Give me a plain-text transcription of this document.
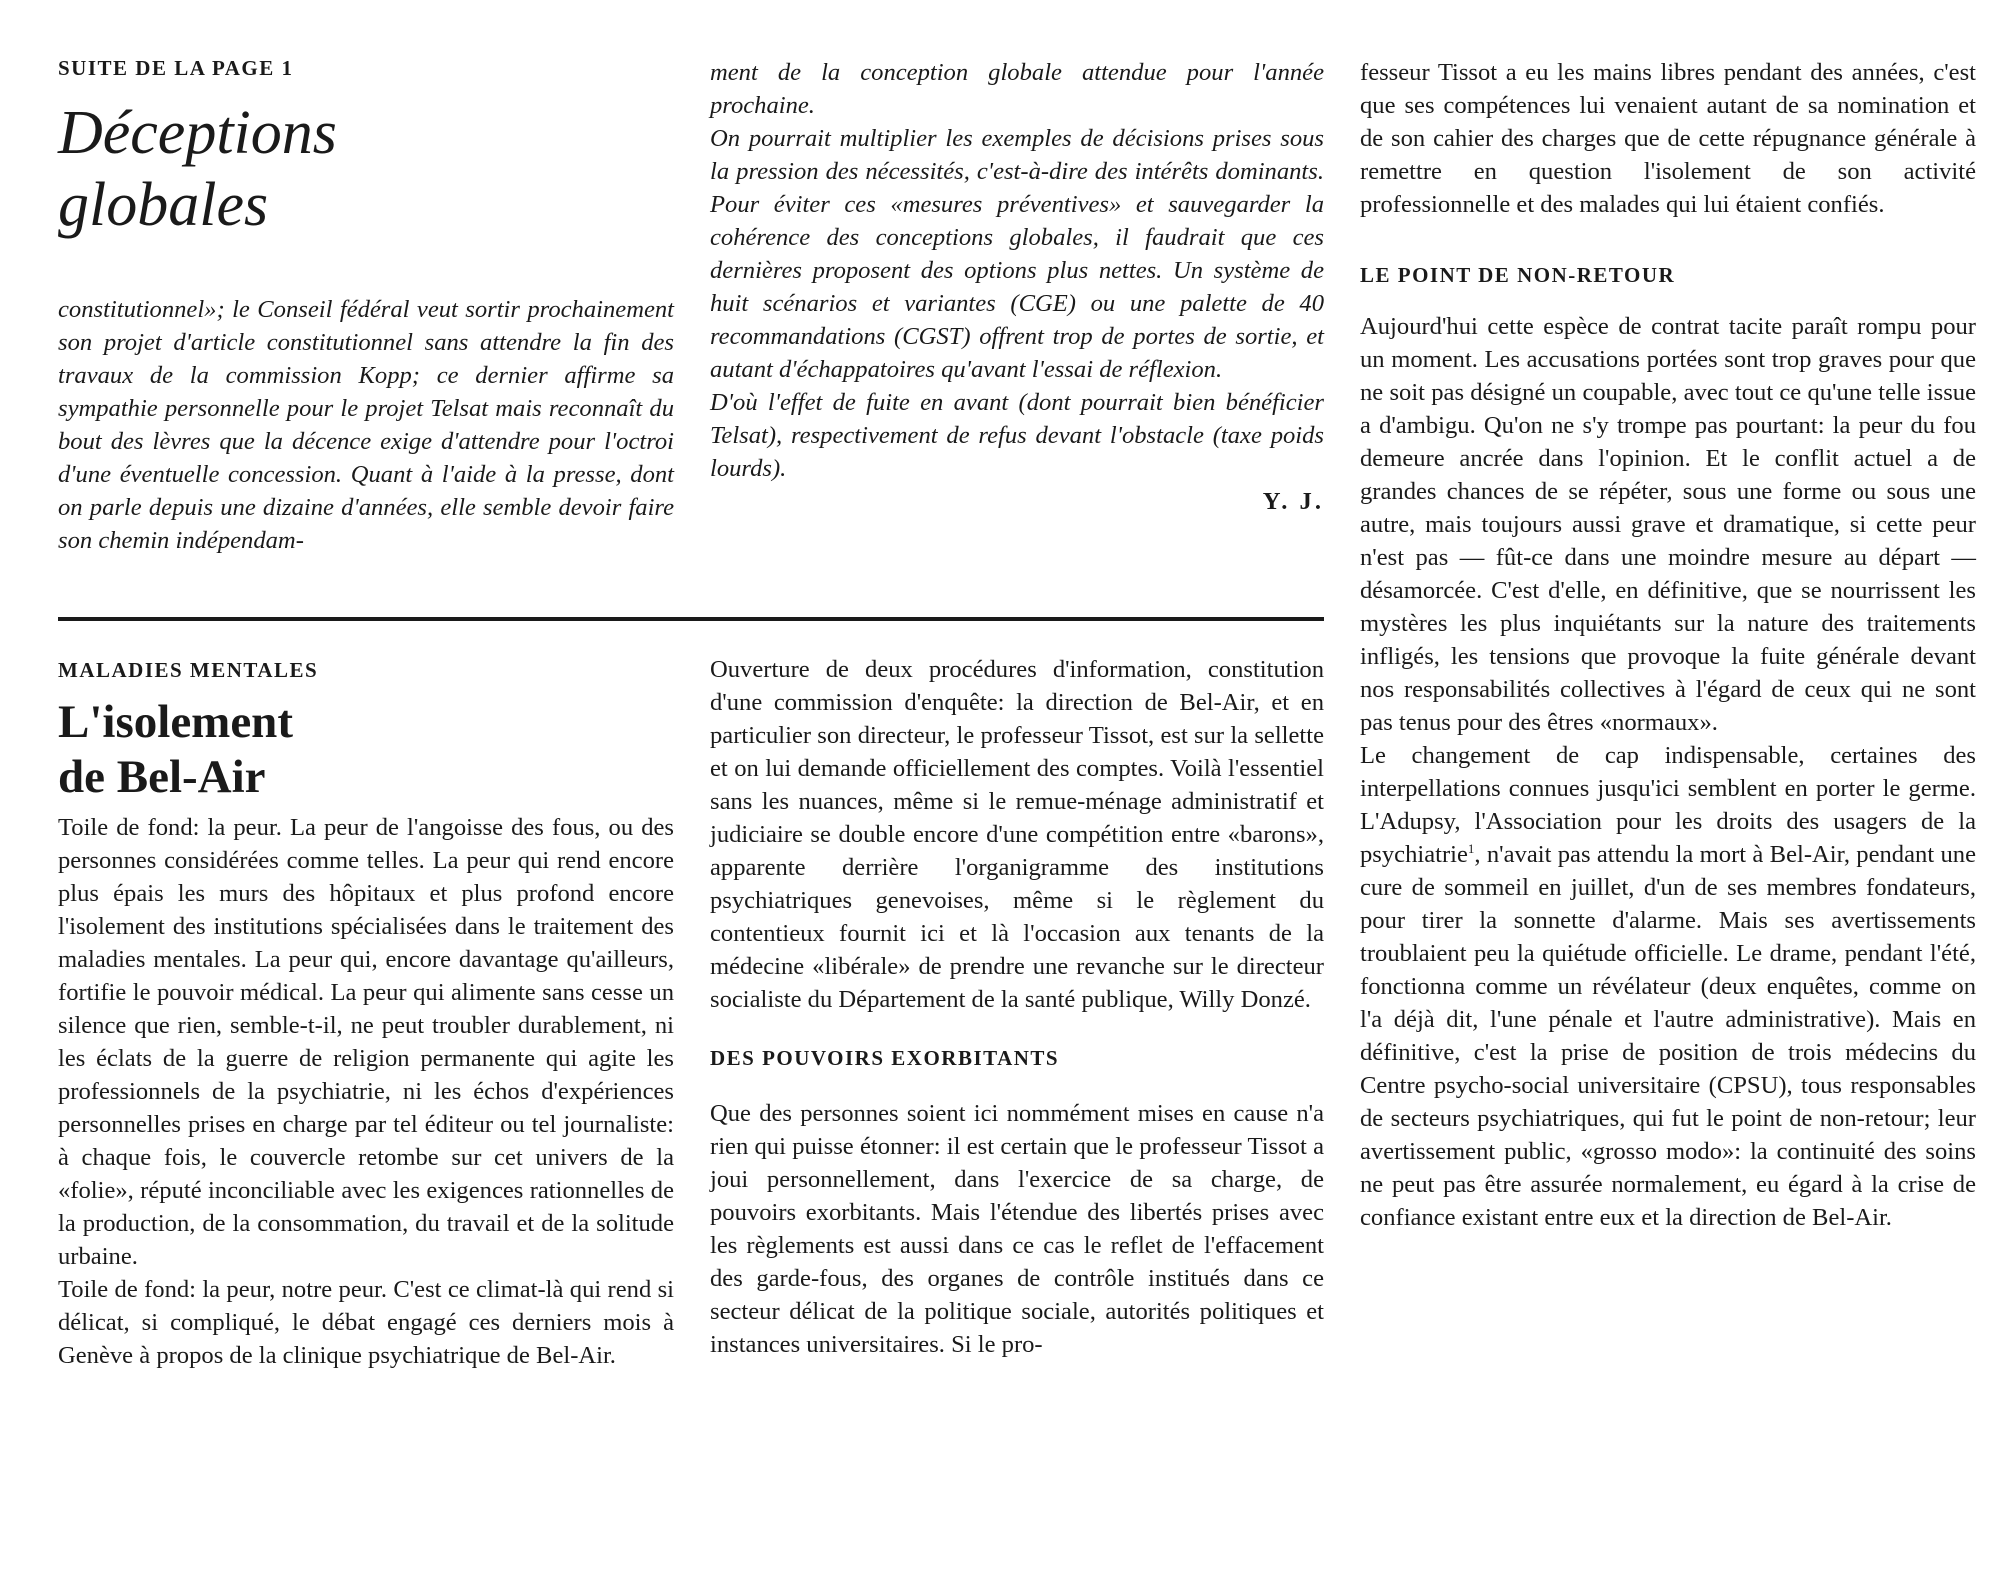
SUITE DE LA PAGE 1

Déceptions
globales

constitutionnel»; le Conseil fédéral veut sortir prochainement son projet d'article constitutionnel sans attendre la fin des travaux de la commission Kopp; ce dernier affirme sa sympathie personnelle pour le projet Telsat mais reconnaît du bout des lèvres que la décence exige d'attendre pour l'octroi d'une éventuelle concession. Quant à l'aide à la presse, dont on parle depuis une dizaine d'années, elle semble devoir faire son chemin indépendam-

ment de la conception globale attendue pour l'année prochaine.

On pourrait multiplier les exemples de décisions prises sous la pression des nécessités, c'est-à-dire des intérêts dominants. Pour éviter ces «mesures préventives» et sauvegarder la cohérence des conceptions globales, il faudrait que ces dernières proposent des options plus nettes. Un système de huit scénarios et variantes (CGE) ou une palette de 40 recommandations (CGST) offrent trop de portes de sortie, et autant d'échappatoires qu'avant l'essai de réflexion.

D'où l'effet de fuite en avant (dont pourrait bien bénéficier Telsat), respectivement de refus devant l'obstacle (taxe poids lourds).

Y. J.

MALADIES MENTALES

L'isolement
de Bel-Air

Toile de fond: la peur. La peur de l'angoisse des fous, ou des personnes considérées comme telles. La peur qui rend encore plus épais les murs des hôpitaux et plus profond encore l'isolement des institutions spécialisées dans le traitement des maladies mentales. La peur qui, encore davantage qu'ailleurs, fortifie le pouvoir médical. La peur qui alimente sans cesse un silence que rien, semble-t-il, ne peut troubler durablement, ni les éclats de la guerre de religion permanente qui agite les professionnels de la psychiatrie, ni les échos d'expériences personnelles prises en charge par tel éditeur ou tel journaliste: à chaque fois, le couvercle retombe sur cet univers de la «folie», réputé inconciliable avec les exigences rationnelles de la production, de la consommation, du travail et de la solitude urbaine.

Toile de fond: la peur, notre peur. C'est ce climat-là qui rend si délicat, si compliqué, le débat engagé ces derniers mois à Genève à propos de la clinique psychiatrique de Bel-Air.

Ouverture de deux procédures d'information, constitution d'une commission d'enquête: la direction de Bel-Air, et en particulier son directeur, le professeur Tissot, est sur la sellette et on lui demande officiellement des comptes. Voilà l'essentiel sans les nuances, même si le remue-ménage administratif et judiciaire se double encore d'une compétition entre «barons», apparente derrière l'organigramme des institutions psychiatriques genevoises, même si le règlement du contentieux fournit ici et là l'occasion aux tenants de la médecine «libérale» de prendre une revanche sur le directeur socialiste du Département de la santé publique, Willy Donzé.

DES POUVOIRS EXORBITANTS

Que des personnes soient ici nommément mises en cause n'a rien qui puisse étonner: il est certain que le professeur Tissot a joui personnellement, dans l'exercice de sa charge, de pouvoirs exorbitants. Mais l'étendue des libertés prises avec les règlements est aussi dans ce cas le reflet de l'effacement des garde-fous, des organes de contrôle institués dans ce secteur délicat de la politique sociale, autorités politiques et instances universitaires. Si le pro-

fesseur Tissot a eu les mains libres pendant des années, c'est que ses compétences lui venaient autant de sa nomination et de son cahier des charges que de cette répugnance générale à remettre en question l'isolement de son activité professionnelle et des malades qui lui étaient confiés.

LE POINT DE NON-RETOUR

Aujourd'hui cette espèce de contrat tacite paraît rompu pour un moment. Les accusations portées sont trop graves pour que ne soit pas désigné un coupable, avec tout ce qu'une telle issue a d'ambigu. Qu'on ne s'y trompe pas pourtant: la peur du fou demeure ancrée dans l'opinion. Et le conflit actuel a de grandes chances de se répéter, sous une forme ou sous une autre, mais toujours aussi grave et dramatique, si cette peur n'est pas — fût-ce dans une moindre mesure au départ — désamorcée. C'est d'elle, en définitive, que se nourrissent les mystères les plus inquiétants sur la nature des traitements infligés, les tensions que provoque la fuite générale devant nos responsabilités collectives à l'égard de ceux qui ne sont pas tenus pour des êtres «normaux».

Le changement de cap indispensable, certaines des interpellations connues jusqu'ici semblent en porter le germe. L'Adupsy, l'Association pour les droits des usagers de la psychiatrie$^1$, n'avait pas attendu la mort à Bel-Air, pendant une cure de sommeil en juillet, d'un de ses membres fondateurs, pour tirer la sonnette d'alarme. Mais ses avertissements troublaient peu la quiétude officielle. Le drame, pendant l'été, fonctionna comme un révélateur (deux enquêtes, comme on l'a déjà dit, l'une pénale et l'autre administrative). Mais en définitive, c'est la prise de position de trois médecins du Centre psycho-social universitaire (CPSU), tous responsables de secteurs psychiatriques, qui fut le point de non-retour; leur avertissement public, «grosso modo»: la continuité des soins ne peut pas être assurée normalement, eu égard à la crise de confiance existant entre eux et la direction de Bel-Air.
